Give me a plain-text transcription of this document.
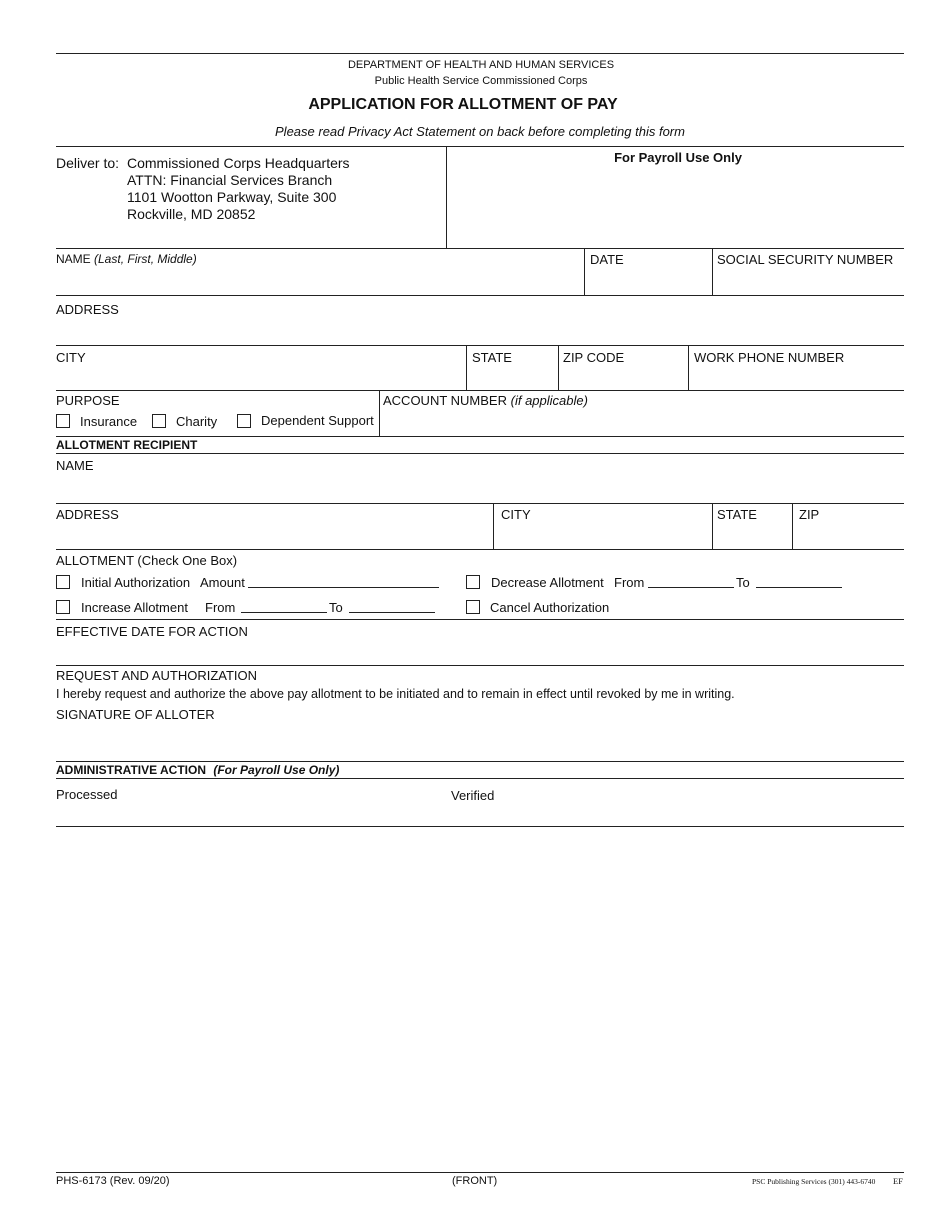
DEPARTMENT OF HEALTH AND HUMAN SERVICES
Public Health Service Commissioned Corps
APPLICATION FOR ALLOTMENT OF PAY
Please read Privacy Act Statement on back before completing this form
Deliver to: Commissioned Corps Headquarters
ATTN: Financial Services Branch
1101 Wootton Parkway, Suite 300
Rockville, MD 20852
For Payroll Use Only
NAME (Last, First, Middle)	DATE	SOCIAL SECURITY NUMBER
ADDRESS
CITY	STATE	ZIP CODE	WORK PHONE NUMBER
PURPOSE
Insurance	Charity	Dependent Support
ACCOUNT NUMBER (if applicable)
ALLOTMENT RECIPIENT
NAME
ADDRESS	CITY	STATE	ZIP
ALLOTMENT (Check One Box)
Initial Authorization Amount	Decrease Allotment From	To
Increase Allotment From	To	Cancel Authorization
EFFECTIVE DATE FOR ACTION
REQUEST AND AUTHORIZATION
I hereby request and authorize the above pay allotment to be initiated and to remain in effect until revoked by me in writing.
SIGNATURE OF ALLOTER
ADMINISTRATIVE ACTION (For Payroll Use Only)
Processed	Verified
PHS-6173 (Rev. 09/20)	(FRONT)	PSC Publishing Services (301) 443-6740 EF
